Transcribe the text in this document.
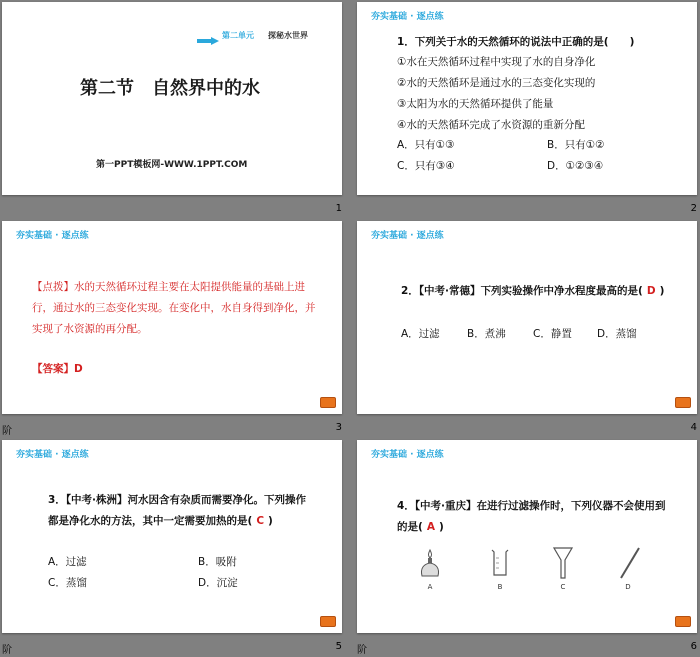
第二单元 探秘水世界
第二节　自然界中的水
第一PPT模板网-WWW.1PPT.COM
1
夯实基础 · 逐点练
1．下列关于水的天然循环的说法中正确的是(　　)
①水在天然循环过程中实现了水的自身净化
②水的天然循环是通过水的三态变化实现的
③太阳为水的天然循环提供了能量
④水的天然循环完成了水资源的重新分配
A．只有①③	B．只有①②
C．只有③④	D．①②③④
2
夯实基础 · 逐点练
【点拨】水的天然循环过程主要在太阳提供能量的基础上进行，通过水的三态变化实现。在变化中，水自身得到净化，并实现了水资源的再分配。
【答案】D
阶	3
夯实基础 · 逐点练
2．【中考·常德】下列实验操作中净水程度最高的是( D )
A．过滤	B．煮沸	C．静置 D．蒸馏
4
夯实基础 · 逐点练
3．【中考·株洲】河水因含有杂质而需要净化。下列操作都是净化水的方法，其中一定需要加热的是( C )
A．过滤	B．吸附
C．蒸馏	D．沉淀
阶	5
夯实基础 · 逐点练
4．【中考·重庆】在进行过滤操作时，下列仪器不会使用到的是( A )
A	B	C	D
阶	6
